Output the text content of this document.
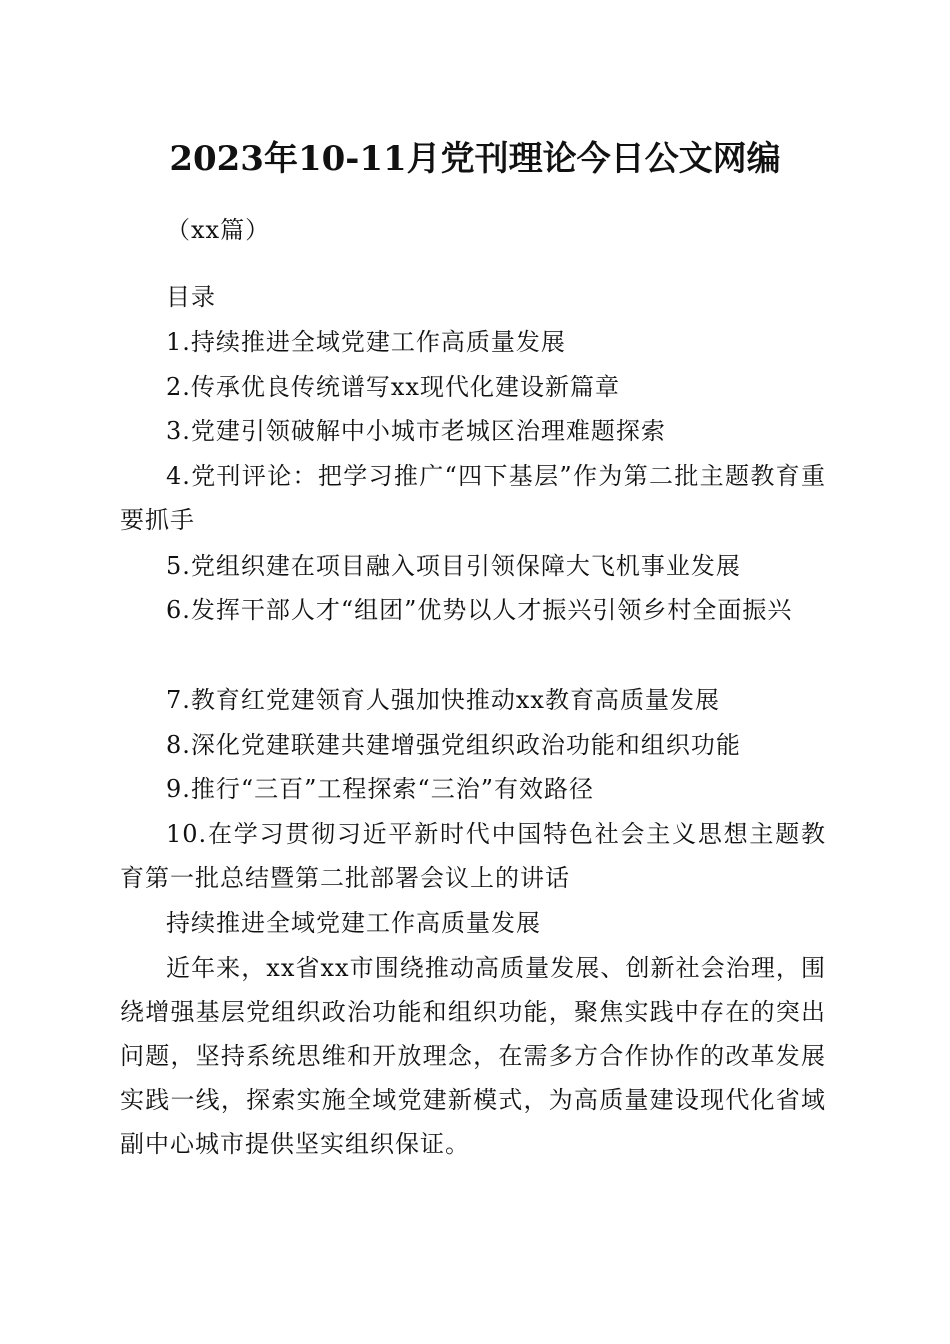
2023年10-11月党刊理论今日公文网编

（xx篇）

目录

1.持续推进全域党建工作高质量发展

2.传承优良传统谱写xx现代化建设新篇章

3.党建引领破解中小城市老城区治理难题探索

4.党刊评论：把学习推广“四下基层”作为第二批主题教育重要抓手

5.党组织建在项目融入项目引领保障大飞机事业发展

6.发挥干部人才“组团”优势以人才振兴引领乡村全面振兴

7.教育红党建领育人强加快推动xx教育高质量发展

8.深化党建联建共建增强党组织政治功能和组织功能

9.推行“三百”工程探索“三治”有效路径

10.在学习贯彻习近平新时代中国特色社会主义思想主题教育第一批总结暨第二批部署会议上的讲话

持续推进全域党建工作高质量发展

近年来，xx省xx市围绕推动高质量发展、创新社会治理，围绕增强基层党组织政治功能和组织功能，聚焦实践中存在的突出问题，坚持系统思维和开放理念，在需多方合作协作的改革发展实践一线，探索实施全域党建新模式，为高质量建设现代化省域副中心城市提供坚实组织保证。
